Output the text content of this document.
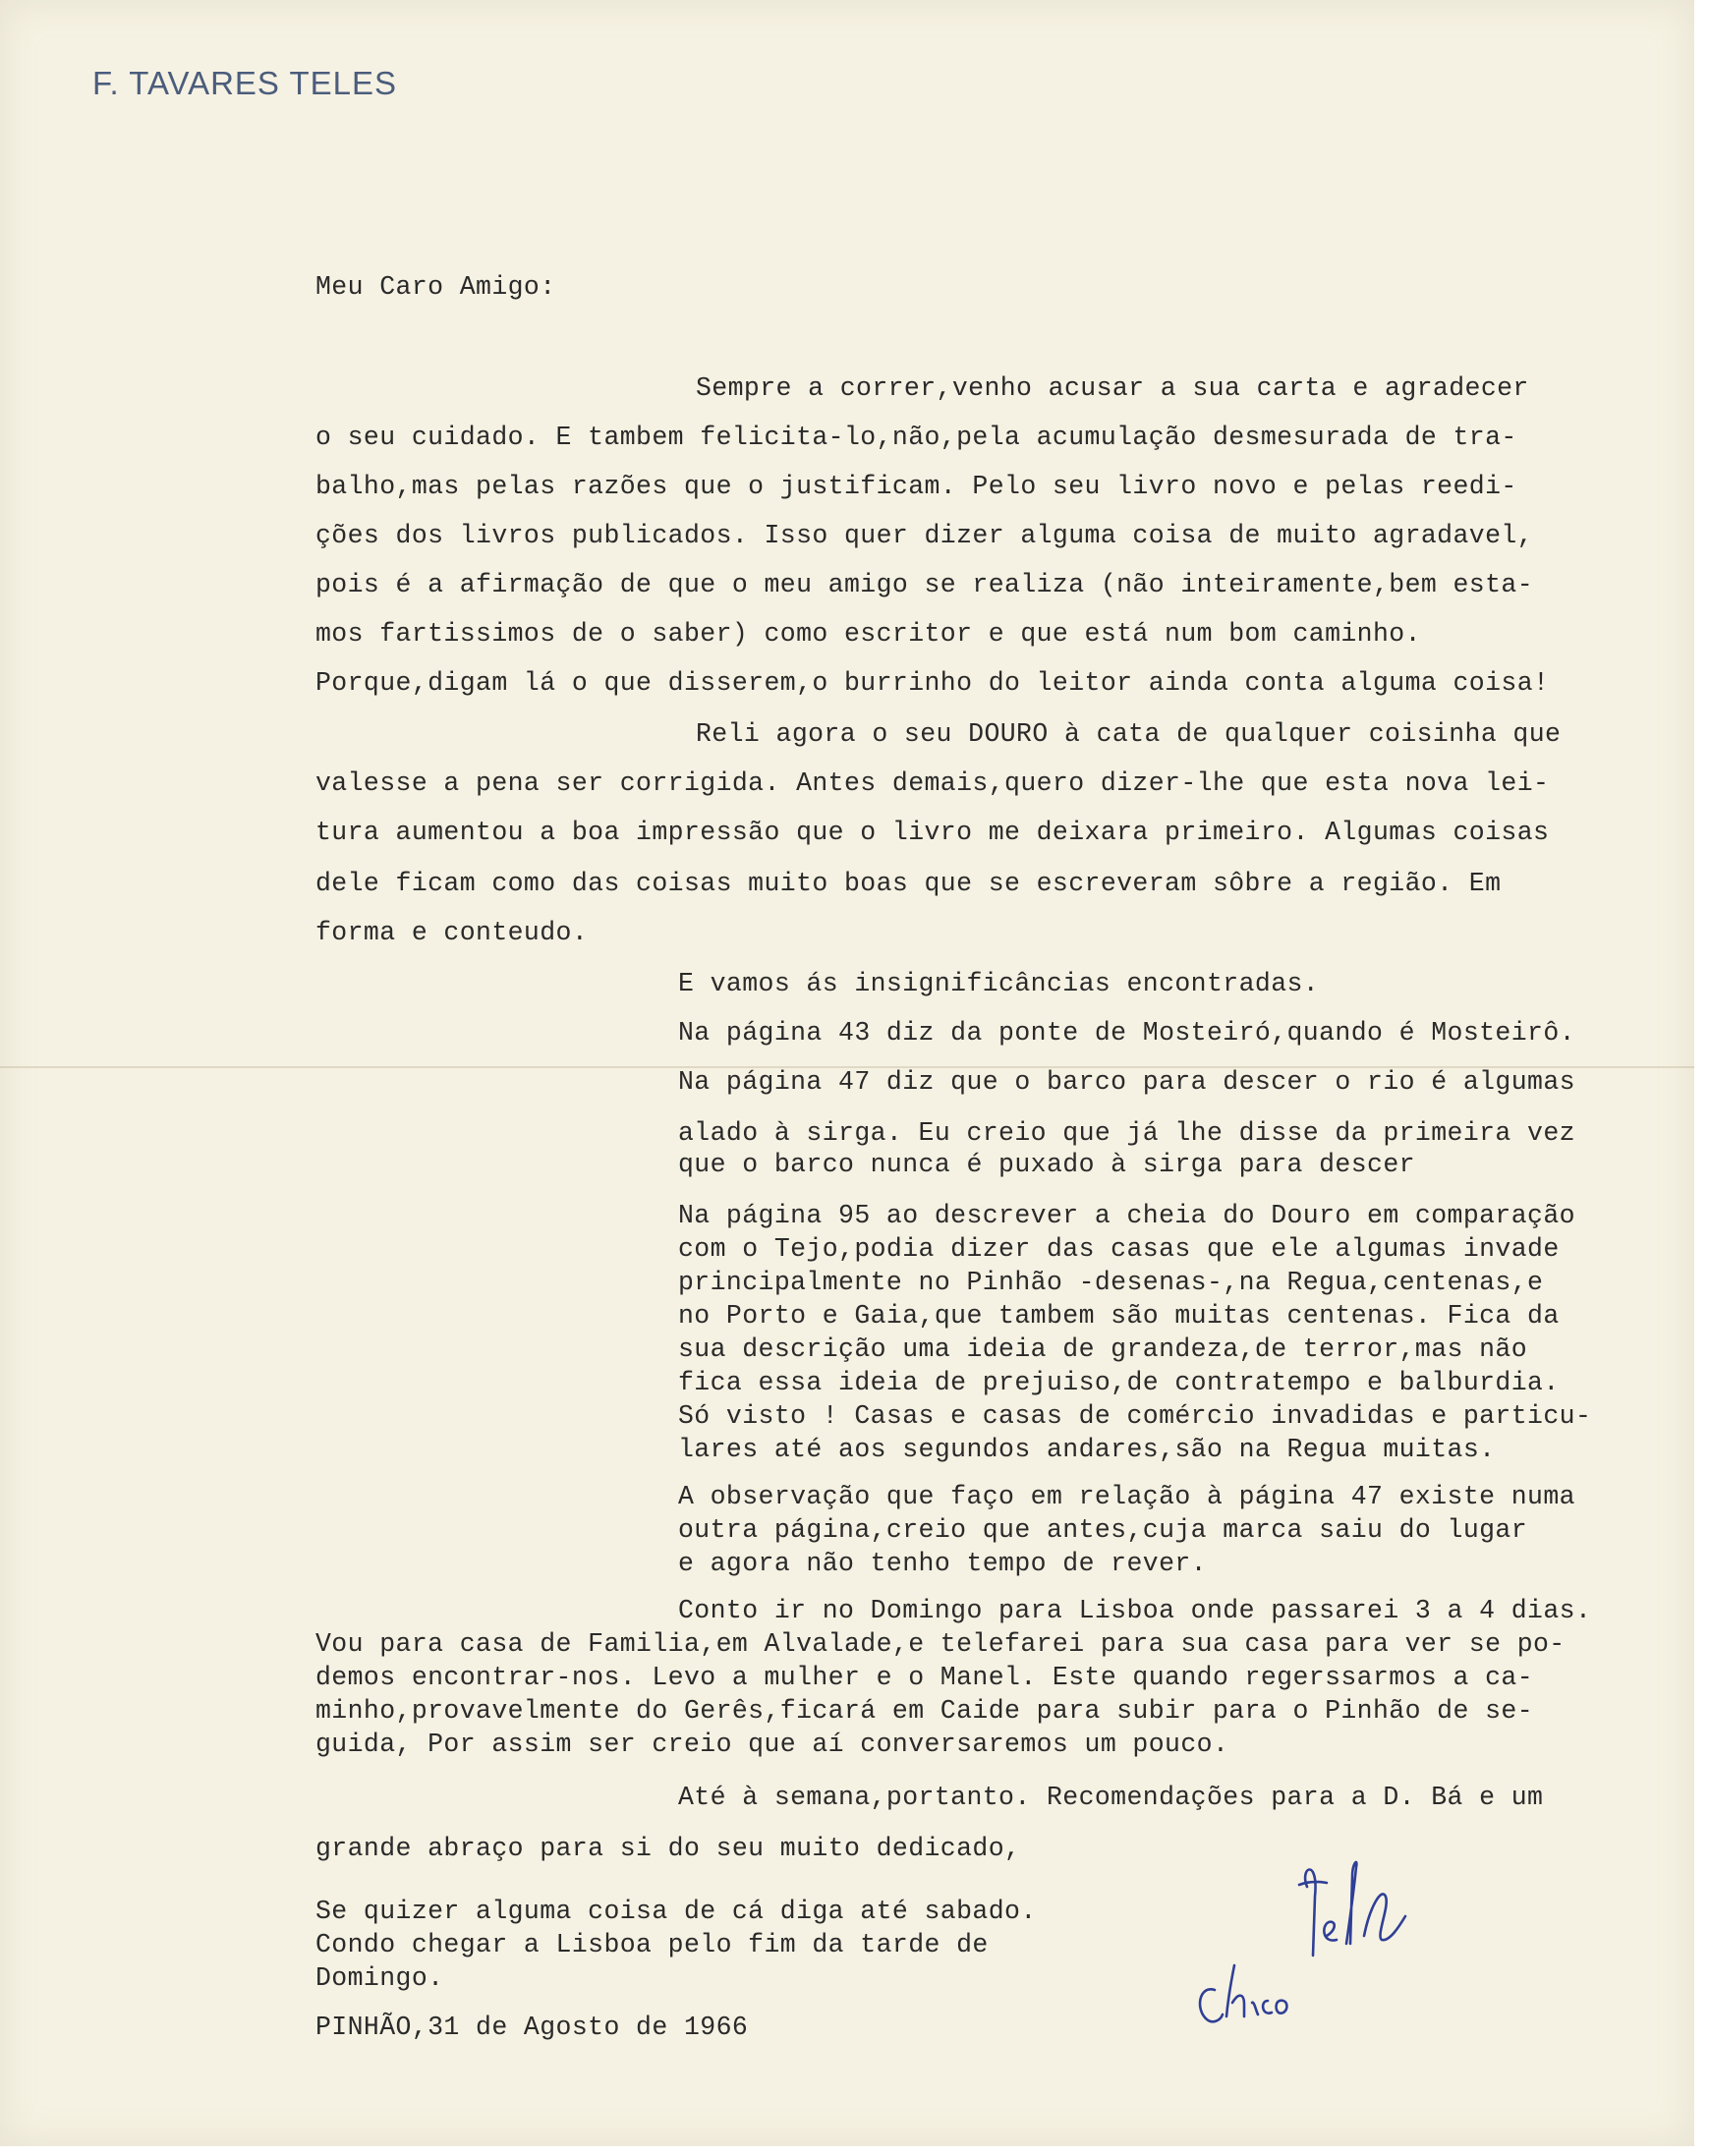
F. TAVARES TELES
Meu Caro Amigo:
Sempre a correr,venho acusar a sua carta e agradecer
o seu cuidado. E tambem felicita-lo,não,pela acumulação desmesurada de tra-
balho,mas pelas razões que o justificam. Pelo seu livro novo e pelas reedi-
ções dos livros publicados. Isso quer dizer alguma coisa de muito agradavel,
pois é a afirmação de que o meu amigo se realiza (não inteiramente,bem esta-
mos fartissimos de o saber) como escritor e que está num bom caminho.
Porque,digam lá o que disserem,o burrinho do leitor ainda conta alguma coisa!
Reli agora o seu DOURO à cata de qualquer coisinha que
valesse a pena ser corrigida. Antes demais,quero dizer-lhe que esta nova lei-
tura aumentou a boa impressão que o livro me deixara primeiro. Algumas coisas
dele ficam como das coisas muito boas que se escreveram sôbre a região. Em
forma e conteudo.
E vamos ás insignificâncias encontradas.
Na página 43 diz da ponte de Mosteiró,quando é Mosteirô.
Na página 47 diz que o barco para descer o rio é algumas
alado à sirga. Eu creio que já lhe disse da primeira vez
que o barco nunca é puxado à sirga para descer
Na página 95 ao descrever a cheia do Douro em comparação
com o Tejo,podia dizer das casas que ele algumas invade
principalmente no Pinhão -desenas-,na Regua,centenas,e
no Porto e Gaia,que tambem são muitas centenas. Fica da
sua descrição uma ideia de grandeza,de terror,mas não
fica essa ideia de prejuiso,de contratempo e balburdia.
Só visto ! Casas e casas de comércio invadidas e particu-
lares até aos segundos andares,são na Regua muitas.
A observação que faço em relação à página 47 existe numa
outra página,creio que antes,cuja marca saiu do lugar
e agora não tenho tempo de rever.
Conto ir no Domingo para Lisboa onde passarei 3 a 4 dias.
Vou para casa de Familia,em Alvalade,e telefarei para sua casa para ver se po-
demos encontrar-nos. Levo a mulher e o Manel. Este quando regerssarmos a ca-
minho,provavelmente do Gerês,ficará em Caide para subir para o Pinhão de se-
guida, Por assim ser creio que aí conversaremos um pouco.
Até à semana,portanto. Recomendações para a D. Bá e um
grande abraço para si do seu muito dedicado,
Se quizer alguma coisa de cá diga até sabado.
Condo chegar a Lisboa pelo fim da tarde de
Domingo.
PINHÃO,31 de Agosto de 1966
